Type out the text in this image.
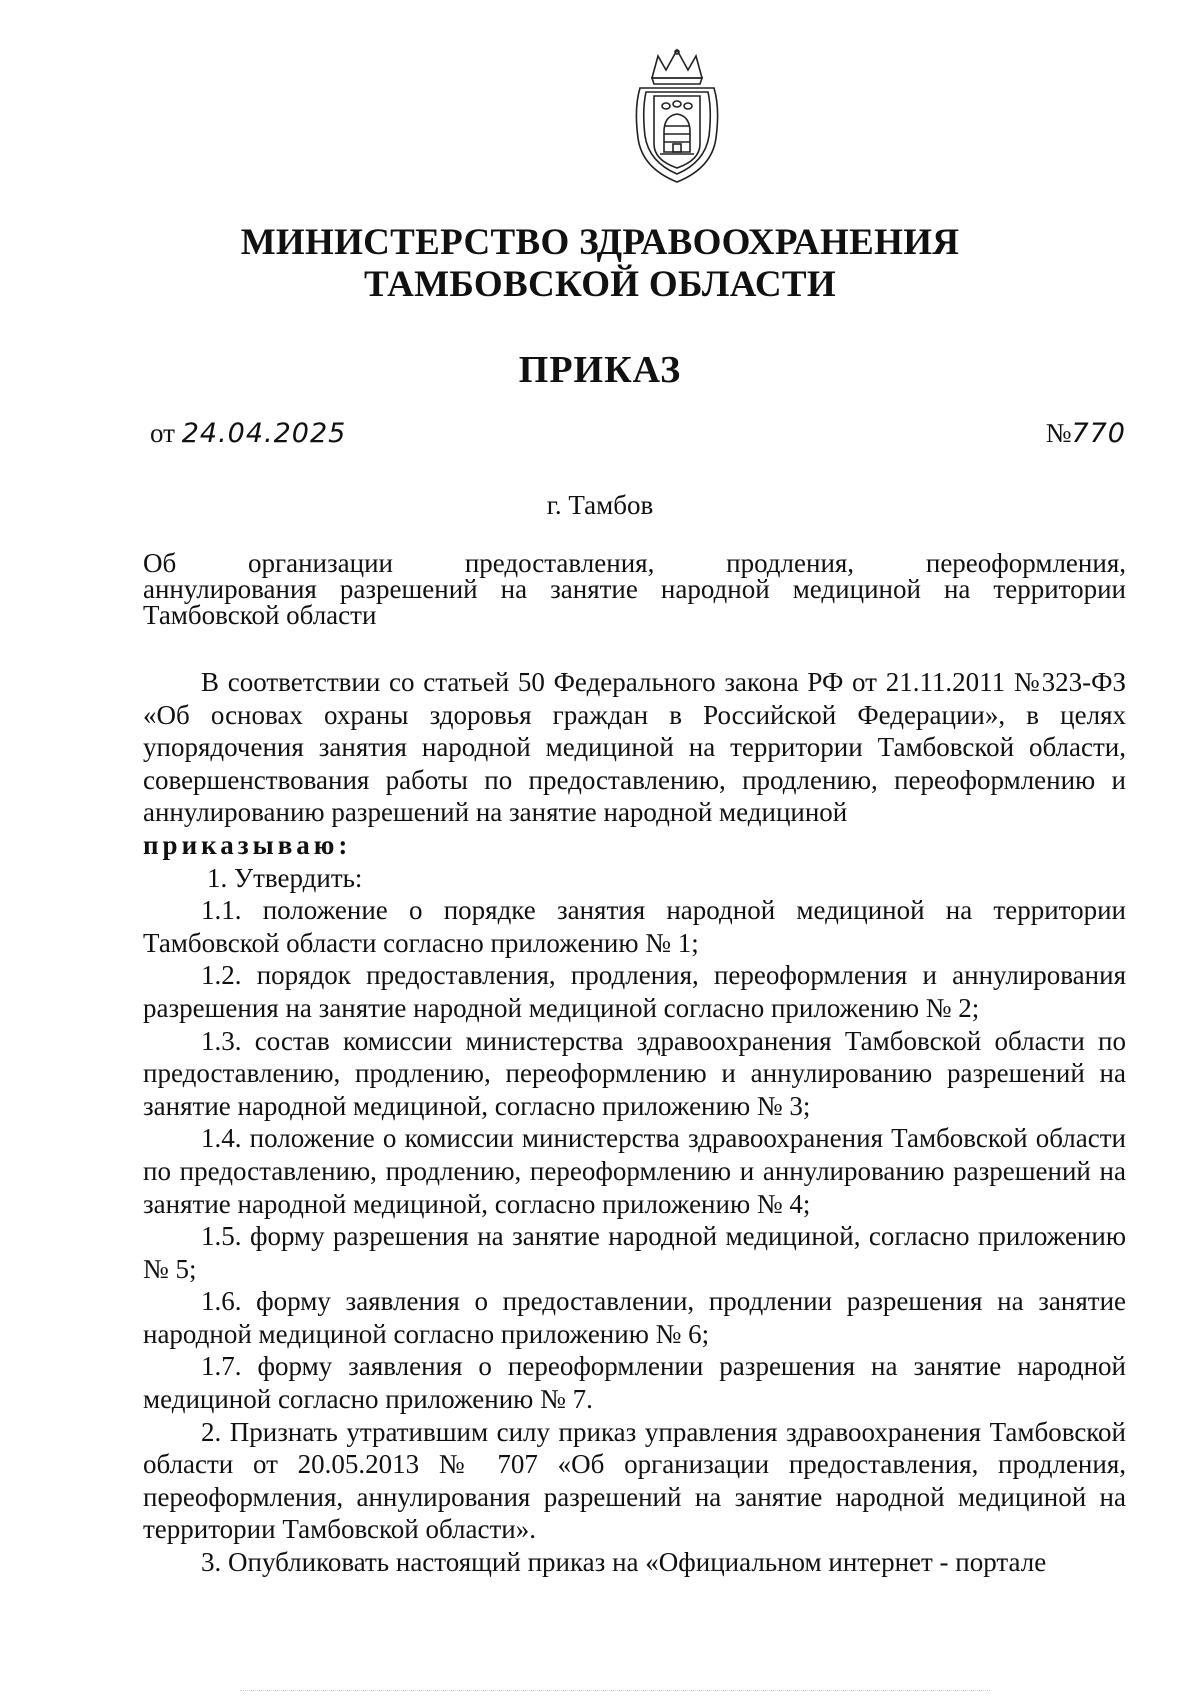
МИНИСТЕРСТВО ЗДРАВООХРАНЕНИЯ
ТАМБОВСКОЙ ОБЛАСТИ
ПРИКАЗ
от 24.04.2025	№770
г. Тамбов
Об организации предоставления, продления, переоформления,
аннулирования разрешений на занятие народной медициной на территории
Тамбовской области

В соответствии со статьей 50 Федерального закона РФ от 21.11.2011 №323-ФЗ «Об основах охраны здоровья граждан в Российской Федерации», в целях упорядочения занятия народной медициной на территории Тамбовской области, совершенствования работы по предоставлению, продлению, переоформлению и аннулированию разрешений на занятие народной медициной

приказываю:

1. Утвердить:

1.1. положение о порядке занятия народной медициной на территории Тамбовской области согласно приложению № 1;

1.2. порядок предоставления, продления, переоформления и аннулирования разрешения на занятие народной медициной согласно приложению № 2;

1.3. состав комиссии министерства здравоохранения Тамбовской области по предоставлению, продлению, переоформлению и аннулированию разрешений на занятие народной медициной, согласно приложению № 3;

1.4. положение о комиссии министерства здравоохранения Тамбовской области по предоставлению, продлению, переоформлению и аннулированию разрешений на занятие народной медициной, согласно приложению № 4;

1.5. форму разрешения на занятие народной медициной, согласно приложению № 5;

1.6. форму заявления о предоставлении, продлении разрешения на занятие народной медициной согласно приложению № 6;

1.7. форму заявления о переоформлении разрешения на занятие народной медициной согласно приложению № 7.

2. Признать утратившим силу приказ управления здравоохранения Тамбовской области от 20.05.2013 № 707 «Об организации предоставления, продления, переоформления, аннулирования разрешений на занятие народной медициной на территории Тамбовской области».

3. Опубликовать настоящий приказ на «Официальном интернет - портале
